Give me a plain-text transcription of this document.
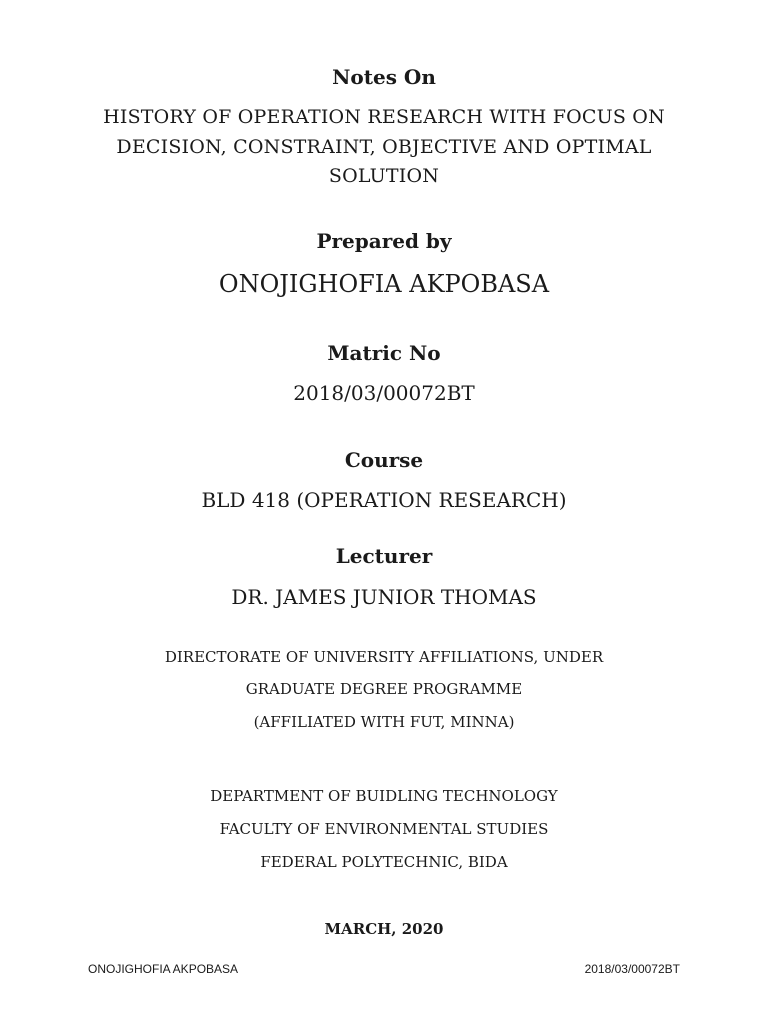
Notes On
HISTORY OF OPERATION RESEARCH WITH FOCUS ON
DECISION, CONSTRAINT, OBJECTIVE AND OPTIMAL
SOLUTION
Prepared by
ONOJIGHOFIA AKPOBASA
Matric No
2018/03/00072BT
Course
BLD 418 (OPERATION RESEARCH)
Lecturer
DR. JAMES JUNIOR THOMAS
DIRECTORATE OF UNIVERSITY AFFILIATIONS, UNDER
GRADUATE DEGREE PROGRAMME
(AFFILIATED WITH FUT, MINNA)
DEPARTMENT OF BUIDLING TECHNOLOGY
FACULTY OF ENVIRONMENTAL STUDIES
FEDERAL POLYTECHNIC, BIDA
MARCH, 2020
ONOJIGHOFIA AKPOBASA	2018/03/00072BT
